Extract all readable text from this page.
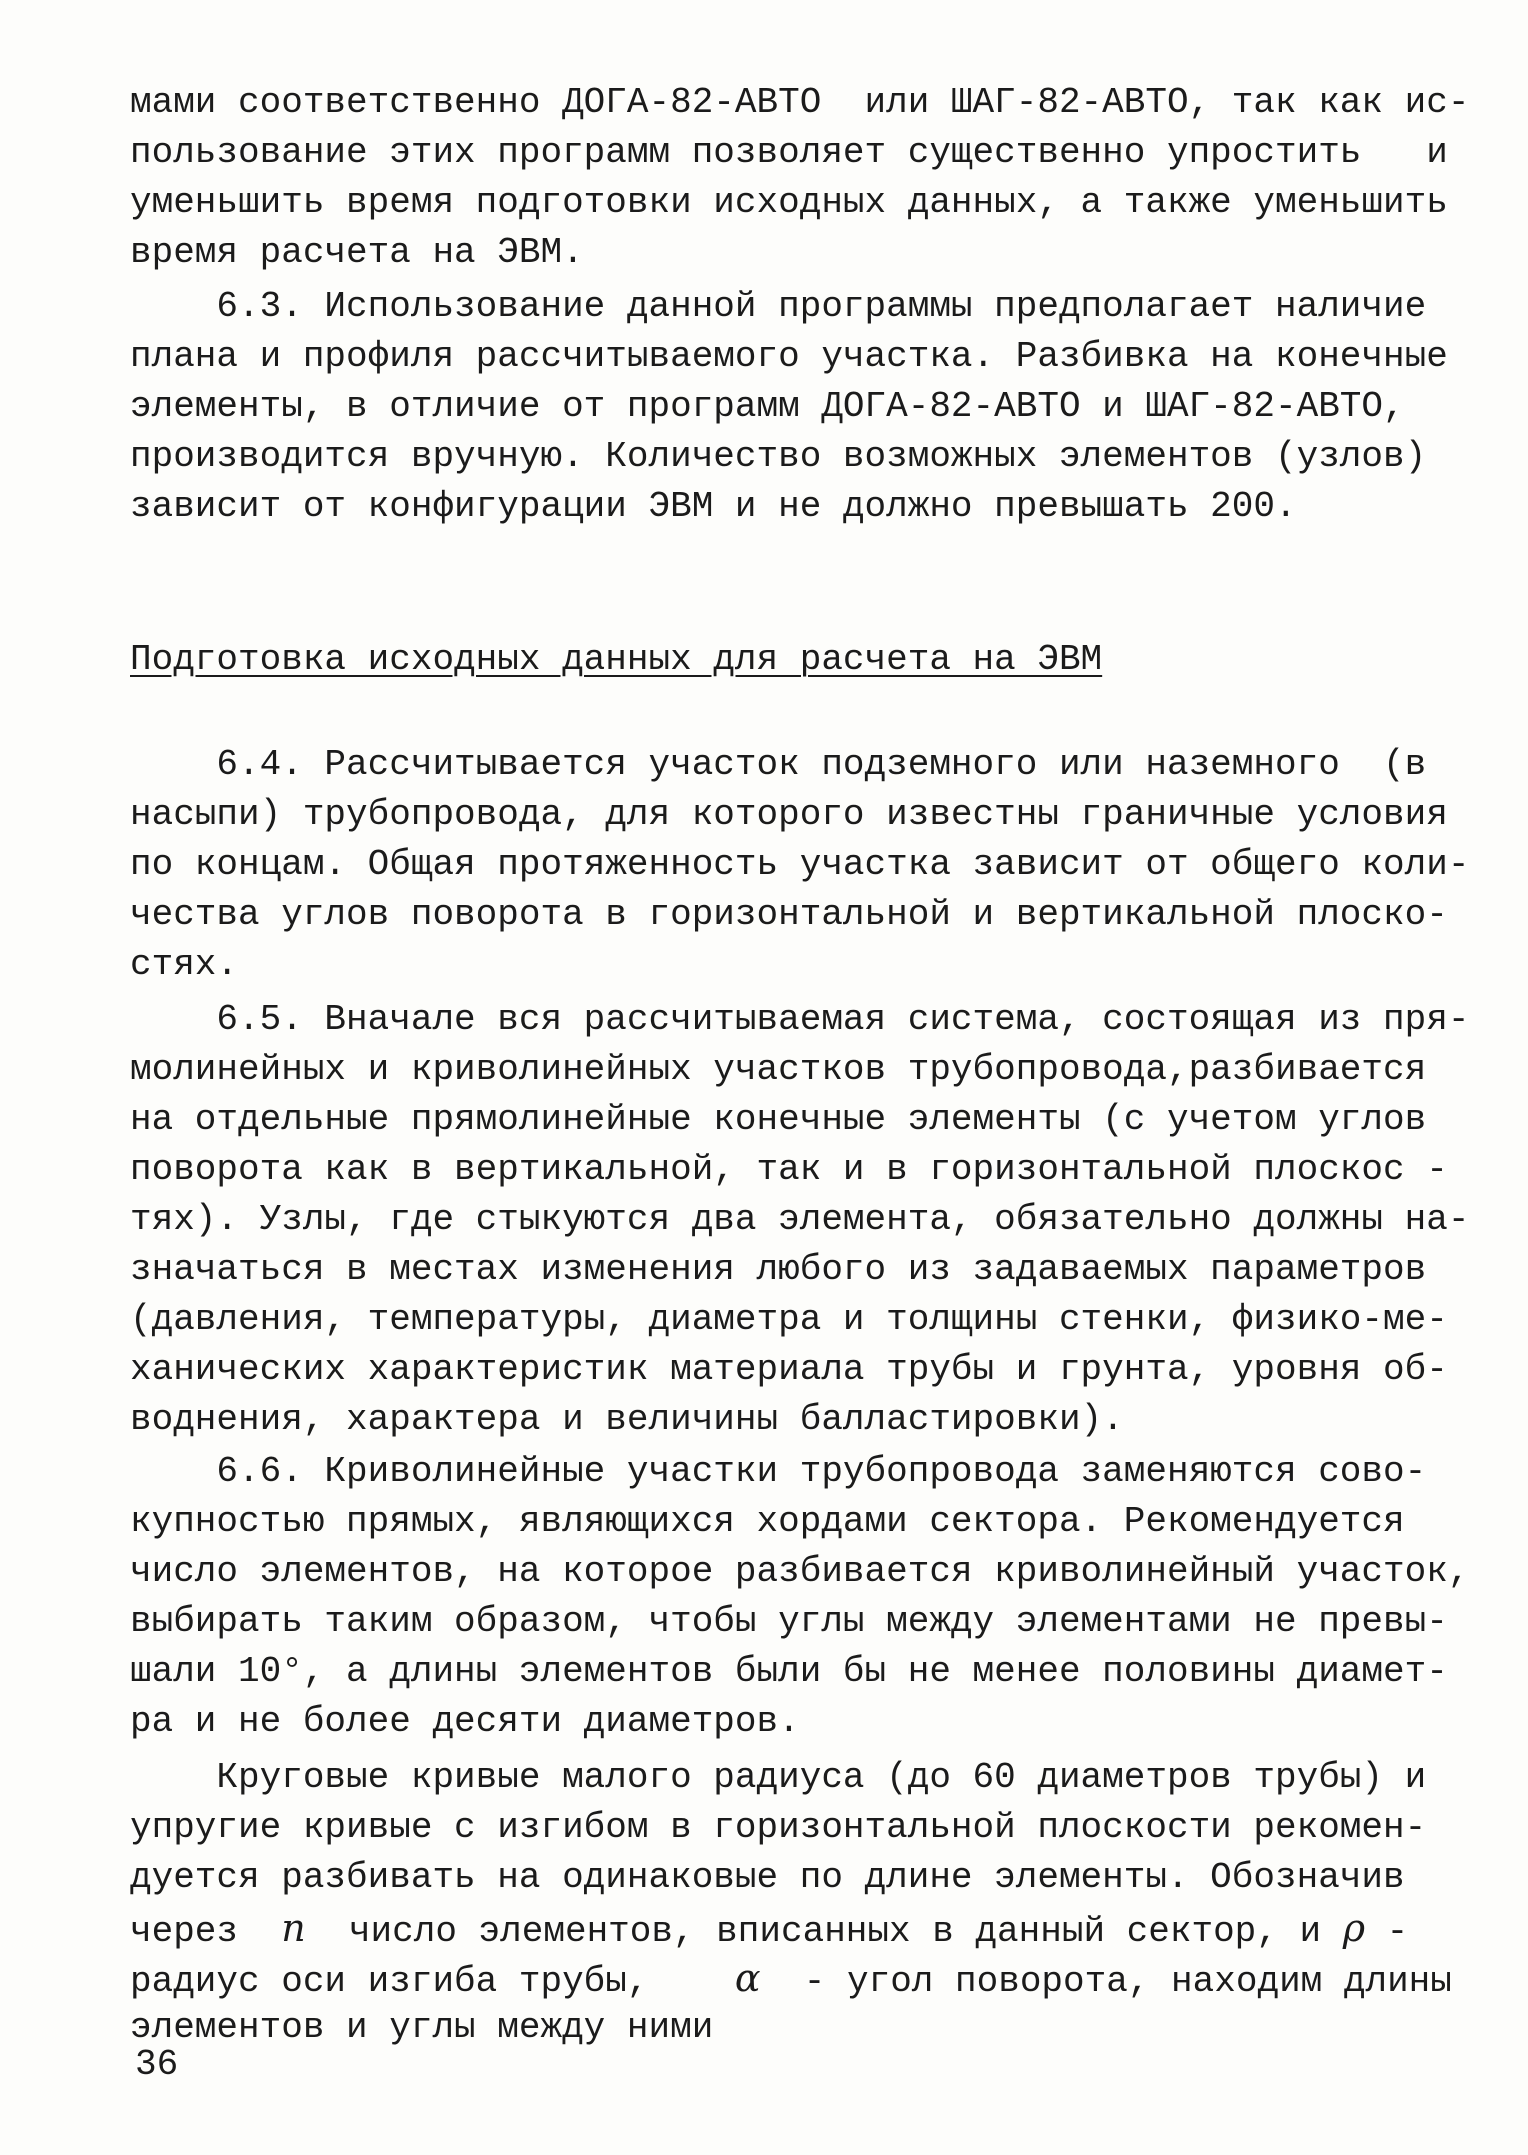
мами соответственно ДОГА-82-АВТО  или ШАГ-82-АВТО, так как ис-
пользование этих программ позволяет существенно упростить   и
уменьшить время подготовки исходных данных, а также уменьшить
время расчета на ЭВМ.
6.3. Использование данной программы предполагает наличие
плана и профиля рассчитываемого участка. Разбивка на конечные
элементы, в отличие от программ ДОГА-82-АВТО и ШАГ-82-АВТО,
производится вручную. Количество возможных элементов (узлов)
зависит от конфигурации ЭВМ и не должно превышать 200.
Подготовка исходных данных для расчета на ЭВМ
6.4. Рассчитывается участок подземного или наземного  (в
насыпи) трубопровода, для которого известны граничные условия
по концам. Общая протяженность участка зависит от общего коли-
чества углов поворота в горизонтальной и вертикальной плоско-
стях.
6.5. Вначале вся рассчитываемая система, состоящая из пря-
молинейных и криволинейных участков трубопровода,разбивается
на отдельные прямолинейные конечные элементы (с учетом углов
поворота как в вертикальной, так и в горизонтальной плоскос -
тях). Узлы, где стыкуются два элемента, обязательно должны на-
значаться в местах изменения любого из задаваемых параметров
(давления, температуры, диаметра и толщины стенки, физико-ме-
ханических характеристик материала трубы и грунта, уровня об-
воднения, характера и величины балластировки).
6.6. Криволинейные участки трубопровода заменяются сово-
купностью прямых, являющихся хордами сектора. Рекомендуется
число элементов, на которое разбивается криволинейный участок,
выбирать таким образом, чтобы углы между элементами не превы-
шали 10°, а длины элементов были бы не менее половины диамет-
ра и не более десяти диаметров.
Круговые кривые малого радиуса (до 60 диаметров трубы) и
упругие кривые с изгибом в горизонтальной плоскости рекомен-
дуется разбивать на одинаковые по длине элементы. Обозначив
через  n  число элементов, вписанных в данный сектор, и ρ -
радиус оси изгиба трубы,    α  - угол поворота, находим длины
элементов и углы между ними
36
